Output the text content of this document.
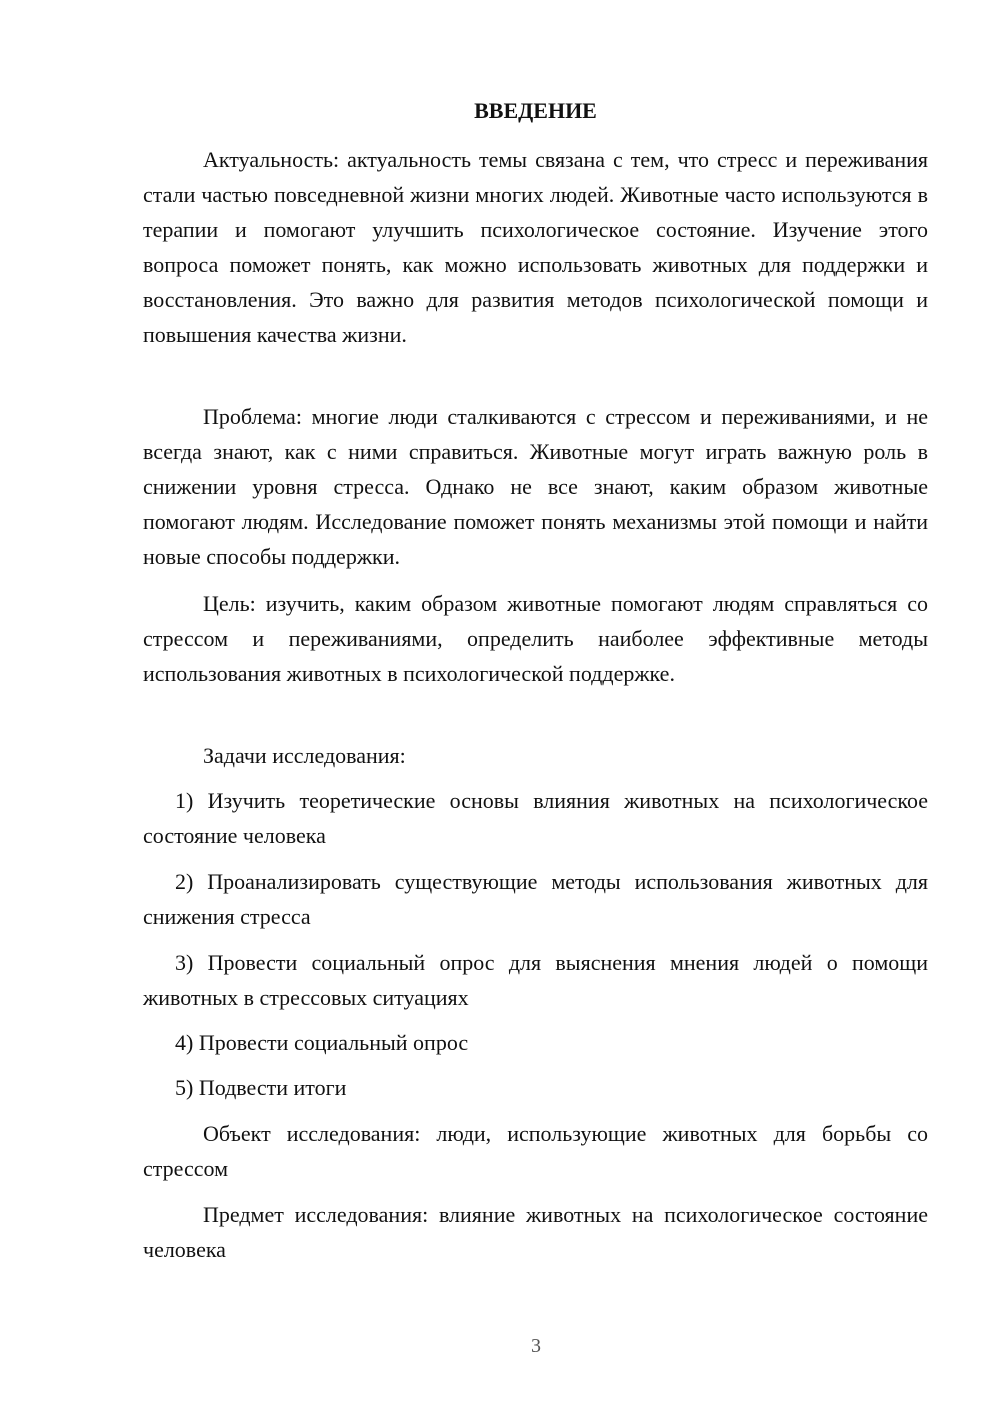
ВВЕДЕНИЕ

Актуальность: актуальность темы связана с тем, что стресс и переживания стали частью повседневной жизни многих людей. Животные часто используются в терапии и помогают улучшить психологическое состояние. Изучение этого вопроса поможет понять, как можно использовать животных для поддержки и восстановления. Это важно для развития методов психологической помощи и повышения качества жизни.

Проблема: многие люди сталкиваются с стрессом и переживаниями, и не всегда знают, как с ними справиться. Животные могут играть важную роль в снижении уровня стресса. Однако не все знают, каким образом животные помогают людям. Исследование поможет понять механизмы этой помощи и найти новые способы поддержки.

Цель: изучить, каким образом животные помогают людям справляться со стрессом и переживаниями, определить наиболее эффективные методы использования животных в психологической поддержке.

Задачи исследования:

1) Изучить теоретические основы влияния животных на психологическое состояние человека

2) Проанализировать существующие методы использования животных для снижения стресса

3) Провести социальный опрос для выяснения мнения людей о помощи животных в стрессовых ситуациях

4) Провести социальный опрос

5) Подвести итоги

Объект исследования: люди, использующие животных для борьбы со стрессом

Предмет исследования: влияние животных на психологическое состояние человека

3
